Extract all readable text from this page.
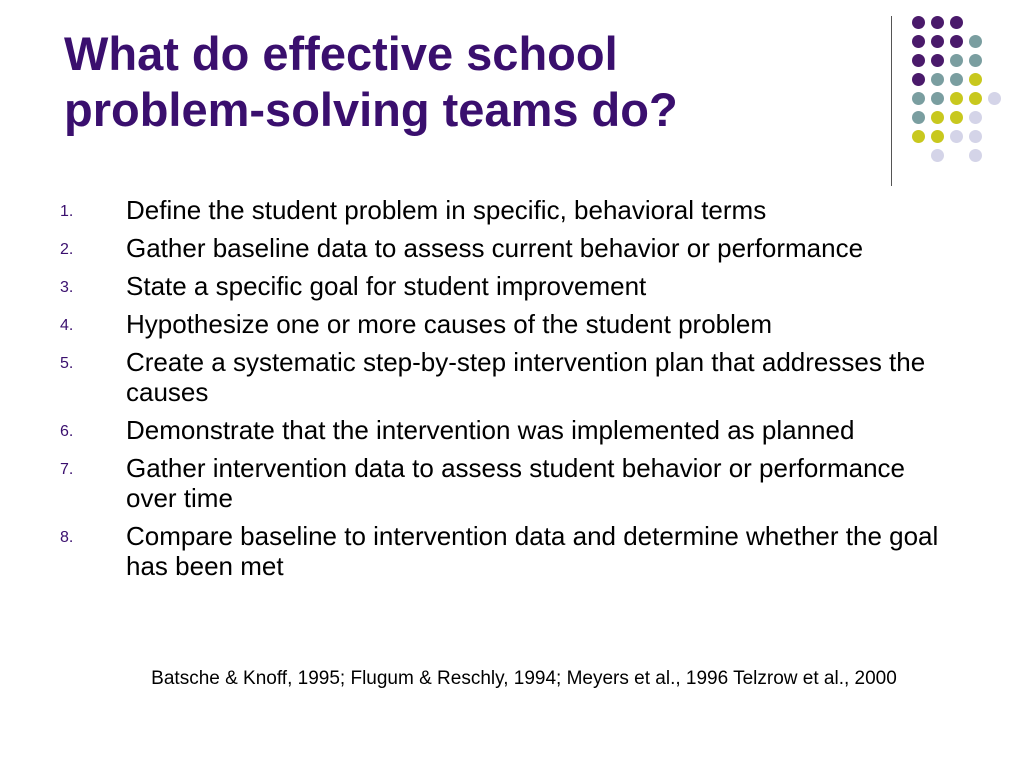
What do effective school
problem-solving teams do?
1. Define the student problem in specific, behavioral terms
2. Gather baseline data to assess current behavior or performance
3. State a specific goal for student improvement
4. Hypothesize one or more causes of the student problem
5. Create a systematic step-by-step intervention plan that addresses the causes
6. Demonstrate that the intervention was implemented as planned
7. Gather intervention data to assess student behavior or performance over time
8. Compare baseline to intervention data and determine whether the goal has been met
Batsche & Knoff, 1995; Flugum & Reschly, 1994; Meyers et al., 1996 Telzrow et al., 2000
